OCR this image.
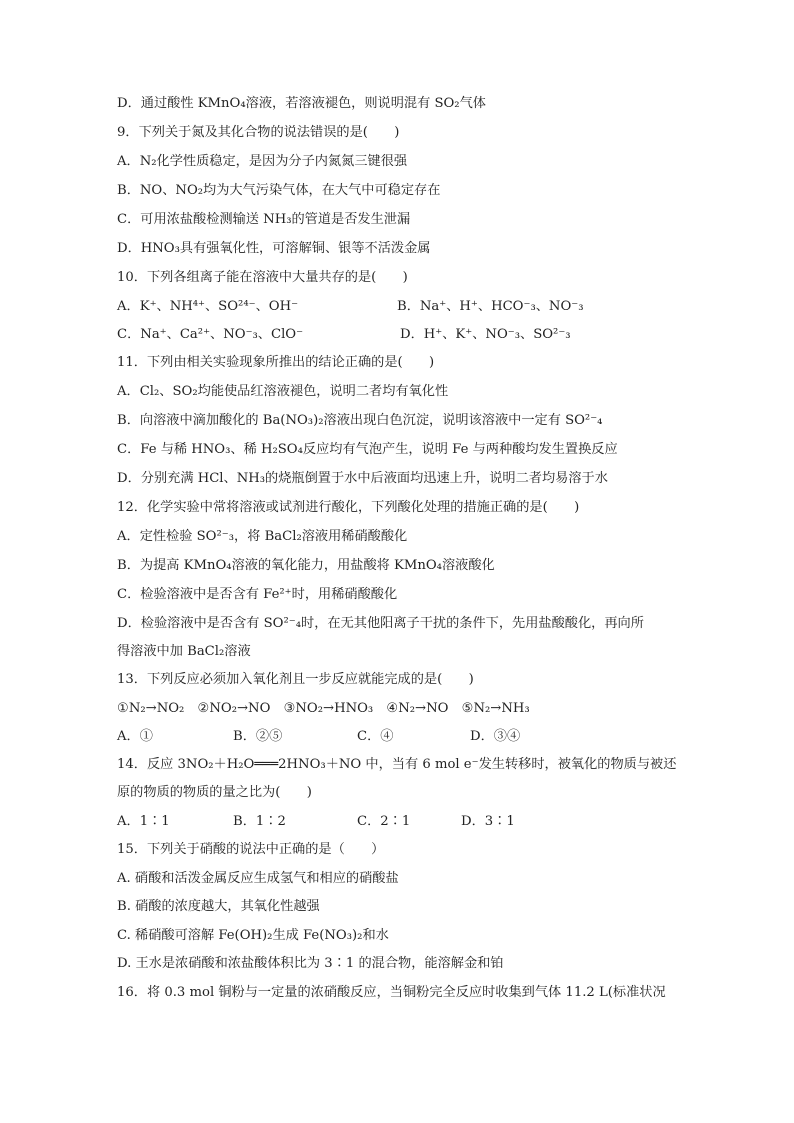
D．通过酸性 KMnO₄溶液，若溶液褪色，则说明混有 SO₂气体
9．下列关于氮及其化合物的说法错误的是(　　)
A．N₂化学性质稳定，是因为分子内氮氮三键很强
B．NO、NO₂均为大气污染气体，在大气中可稳定存在
C．可用浓盐酸检测输送 NH₃的管道是否发生泄漏
D．HNO₃具有强氧化性，可溶解铜、银等不活泼金属
10．下列各组离子能在溶液中大量共存的是(　　)
A．K⁺、NH⁴⁺、SO²⁴⁻、OH⁻	B．Na⁺、H⁺、HCO⁻₃、NO⁻₃
C．Na⁺、Ca²⁺、NO⁻₃、ClO⁻	D．H⁺、K⁺、NO⁻₃、SO²⁻₃
11．下列由相关实验现象所推出的结论正确的是(　　)
A．Cl₂、SO₂均能使品红溶液褪色，说明二者均有氧化性
B．向溶液中滴加酸化的 Ba(NO₃)₂溶液出现白色沉淀，说明该溶液中一定有 SO²⁻₄
C．Fe 与稀 HNO₃、稀 H₂SO₄反应均有气泡产生，说明 Fe 与两种酸均发生置换反应
D．分别充满 HCl、NH₃的烧瓶倒置于水中后液面均迅速上升，说明二者均易溶于水
12．化学实验中常将溶液或试剂进行酸化，下列酸化处理的措施正确的是(　　)
A．定性检验 SO²⁻₃，将 BaCl₂溶液用稀硝酸酸化
B．为提高 KMnO₄溶液的氧化能力，用盐酸将 KMnO₄溶液酸化
C．检验溶液中是否含有 Fe²⁺时，用稀硝酸酸化
D．检验溶液中是否含有 SO²⁻₄时，在无其他阳离子干扰的条件下，先用盐酸酸化，再向所
得溶液中加 BaCl₂溶液
13．下列反应必须加入氧化剂且一步反应就能完成的是(　　)
①N₂→NO₂　②NO₂→NO　③NO₂→HNO₃　④N₂→NO　⑤N₂→NH₃
A．①	B．②⑤	C．④	D．③④
14．反应 3NO₂＋H₂O═══2HNO₃＋NO 中，当有 6 mol e⁻发生转移时，被氧化的物质与被还
原的物质的物质的量之比为(　　)
A．1∶1	B．1∶2	C．2∶1	D．3∶1
15．下列关于硝酸的说法中正确的是（　　）
A. 硝酸和活泼金属反应生成氢气和相应的硝酸盐
B. 硝酸的浓度越大，其氧化性越强
C. 稀硝酸可溶解 Fe(OH)₂生成 Fe(NO₃)₂和水
D. 王水是浓硝酸和浓盐酸体积比为 3∶1 的混合物，能溶解金和铂
16．将 0.3 mol 铜粉与一定量的浓硝酸反应，当铜粉完全反应时收集到气体 11.2 L(标准状况
